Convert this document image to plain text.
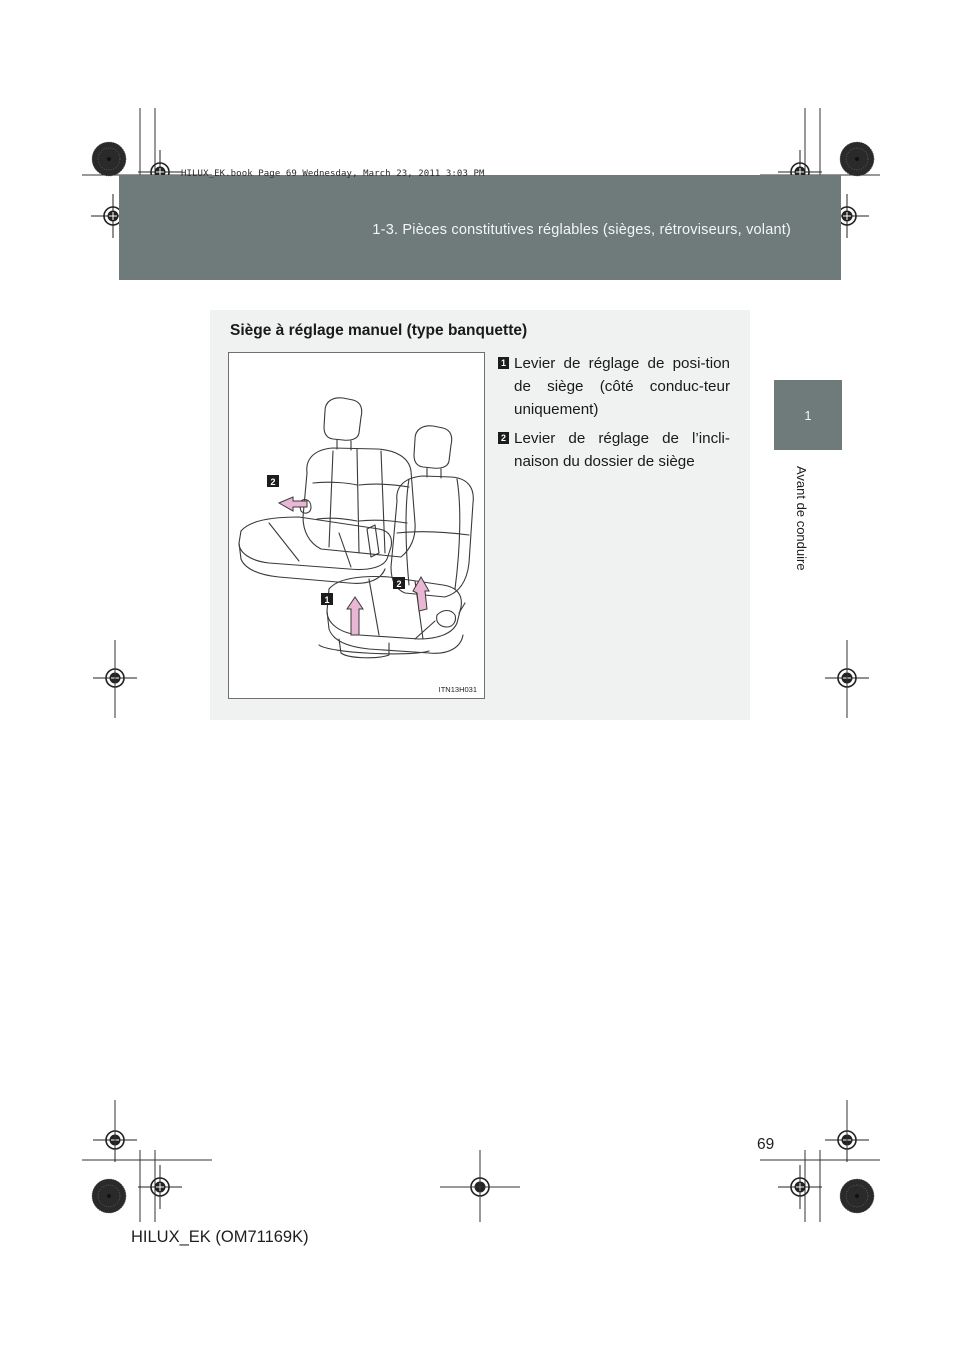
1-3. Pièces constitutives réglables (sièges, rétroviseurs, volant)
HILUX_EK.book Page 69 Wednesday, March 23, 2011 3:03 PM
1
Avant de conduire
Siège à réglage manuel (type banquette)
2
2
1
ITN13H031
1 Levier de réglage de posi-tion de siège (côté conduc-teur uniquement)
2 Levier de réglage de l’incli-naison du dossier de siège
69
HILUX_EK (OM71169K)
